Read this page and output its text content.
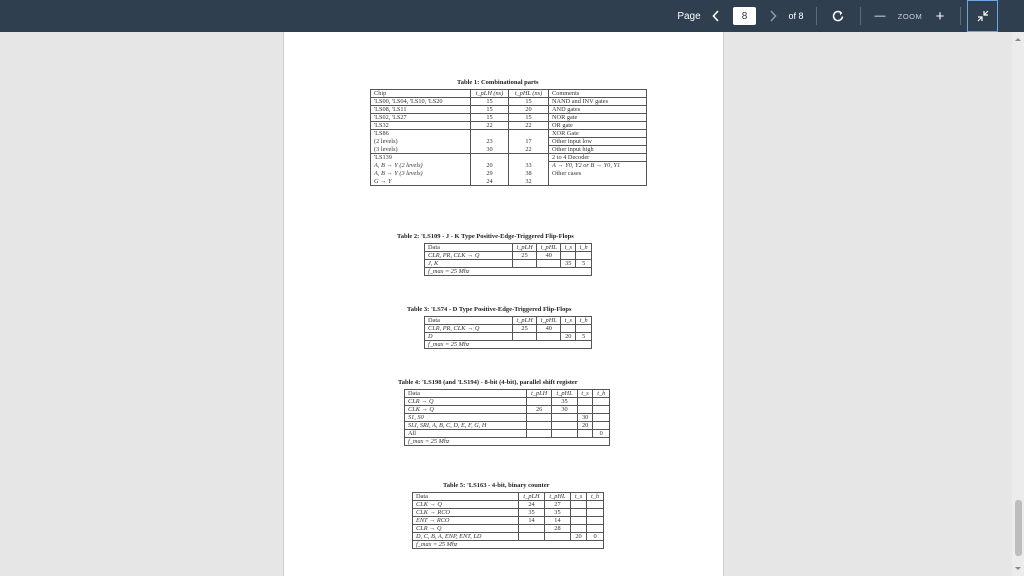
Page	8	of 8	—	ZOOM +
Table 1: Combinational parts
Chip	t_pLH (ns)	t_pHL (ns)	Comments
'LS00, 'LS04, 'LS10, 'LS20	15	15	NAND and INV gates
'LS08, 'LS11	15	20	AND gates
'LS02, 'LS27	15	15	NOR gate
'LS32	22	22	OR gate
'LS86			XOR Gate
(2 levels)	23	17	Other input low
(3 levels)	30	22	Other input high
'LS139			2 to 4 Decoder
A, B → Y (2 levels)	20	33	A → Y0, Y2 or B → Y0, Y1
A, B → Y (3 levels)	29	38	Other cases
G → Y	24	32	
Table 2: 'LS109 - J - K Type Positive-Edge-Triggered Flip-Flops
Data	t_pLH	t_pHL	t_s	t_h
CLR, PR, CLK → Q	25	40		
J, K			35	5
f_max = 25 Mhz				
Table 3: 'LS74 - D Type Positive-Edge-Triggered Flip-Flops
Data	t_pLH	t_pHL	t_s	t_h
CLR, PR, CLK → Q	25	40		
D			20	5
f_max = 25 Mhz				
Table 4: 'LS198 (and 'LS194) - 8-bit (4-bit), parallel shift register
Data	t_pLH	t_pHL	t_s	t_h
CLR → Q		35		
CLK → Q	26	30		
S1, S0			30	
SLI, SRI, A, B, C, D, E, F, G, H			20	
All				0
f_max = 25 Mhz				
Table 5: 'LS163 - 4-bit, binary counter
Data	t_pLH	t_pHL	t_s	t_h
CLK → Q	24	27		
CLK → RCO	35	35		
ENT → RCO	14	14		
CLR → Q		28		
D, C, B, A, ENP, ENT, LD			20	0
f_max = 25 Mhz				
